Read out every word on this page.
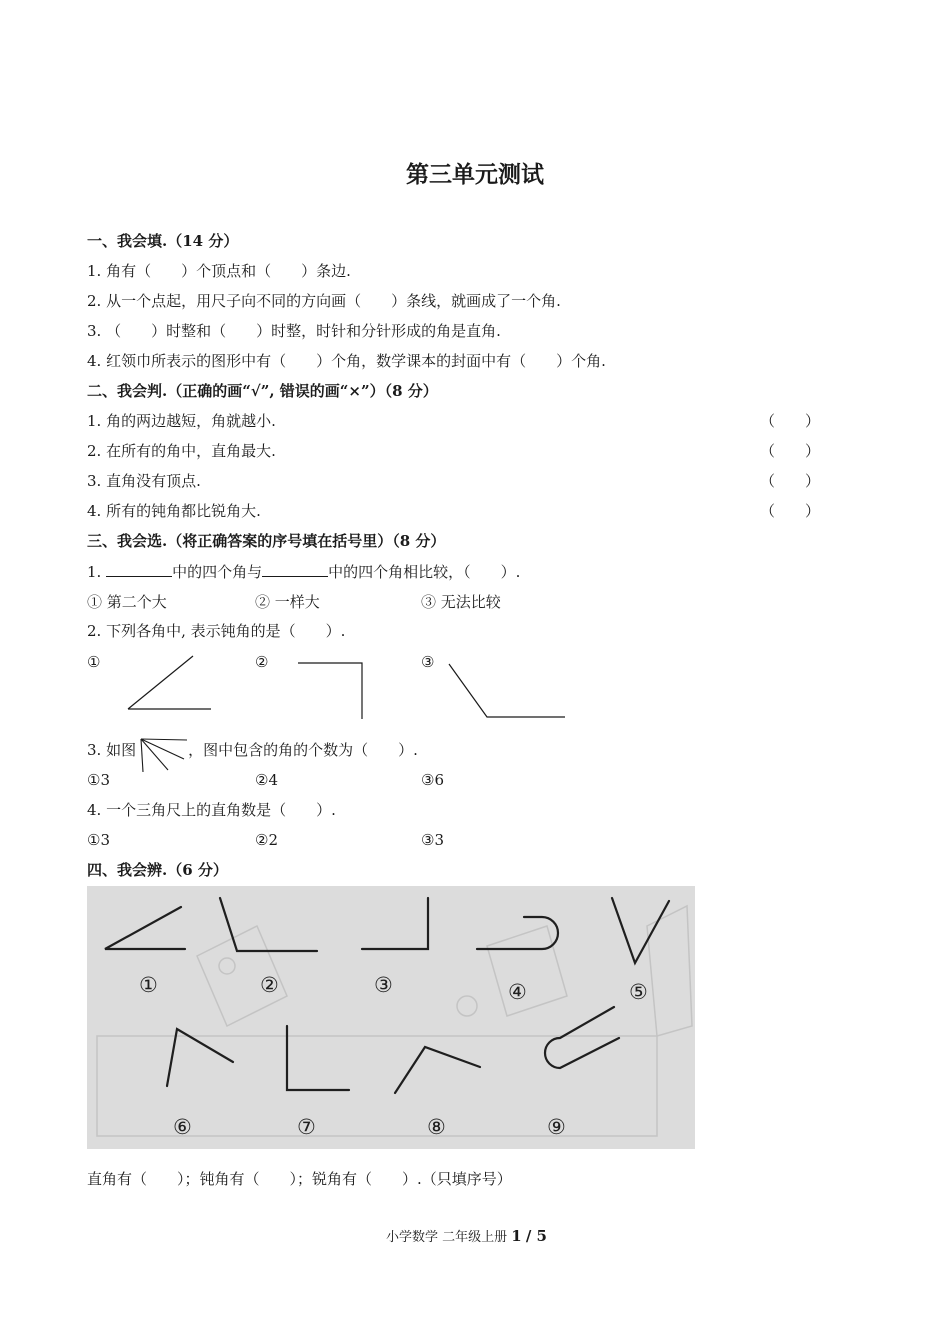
第三单元测试
一、我会填.（14 分）
1. 角有（　　）个顶点和（　　）条边.
2. 从一个点起，用尺子向不同的方向画（　　）条线，就画成了一个角.
3. （　　）时整和（　　）时整，时针和分针形成的角是直角.
4. 红领巾所表示的图形中有（　　）个角，数学课本的封面中有（　　）个角.
二、我会判.（正确的画“√”, 错误的画“×”）（8 分）
1. 角的两边越短，角就越小.	（　　）
2. 在所有的角中，直角最大.	（　　）
3. 直角没有顶点.	（　　）
4. 所有的钝角都比锐角大.	（　　）
三、我会选.（将正确答案的序号填在括号里）（8 分）
1.	中的四个角与	中的四个角相比较，（　　）.
① 第二个大	② 一样大	③ 无法比较
2. 下列各角中, 表示钝角的是（　　）.
①	②	③
3. 如图	，图中包含的角的个数为（　　）.
①3	②4	③6
4. 一个三角尺上的直角数是（　　）.
①3	②2	③3
四、我会辨.（6 分）
①	②	③	④	⑤
⑥	⑦	⑧	⑨
直角有（　　）；钝角有（　　）；锐角有（　　）.（只填序号）
小学数学 二年级上册 1 / 5
